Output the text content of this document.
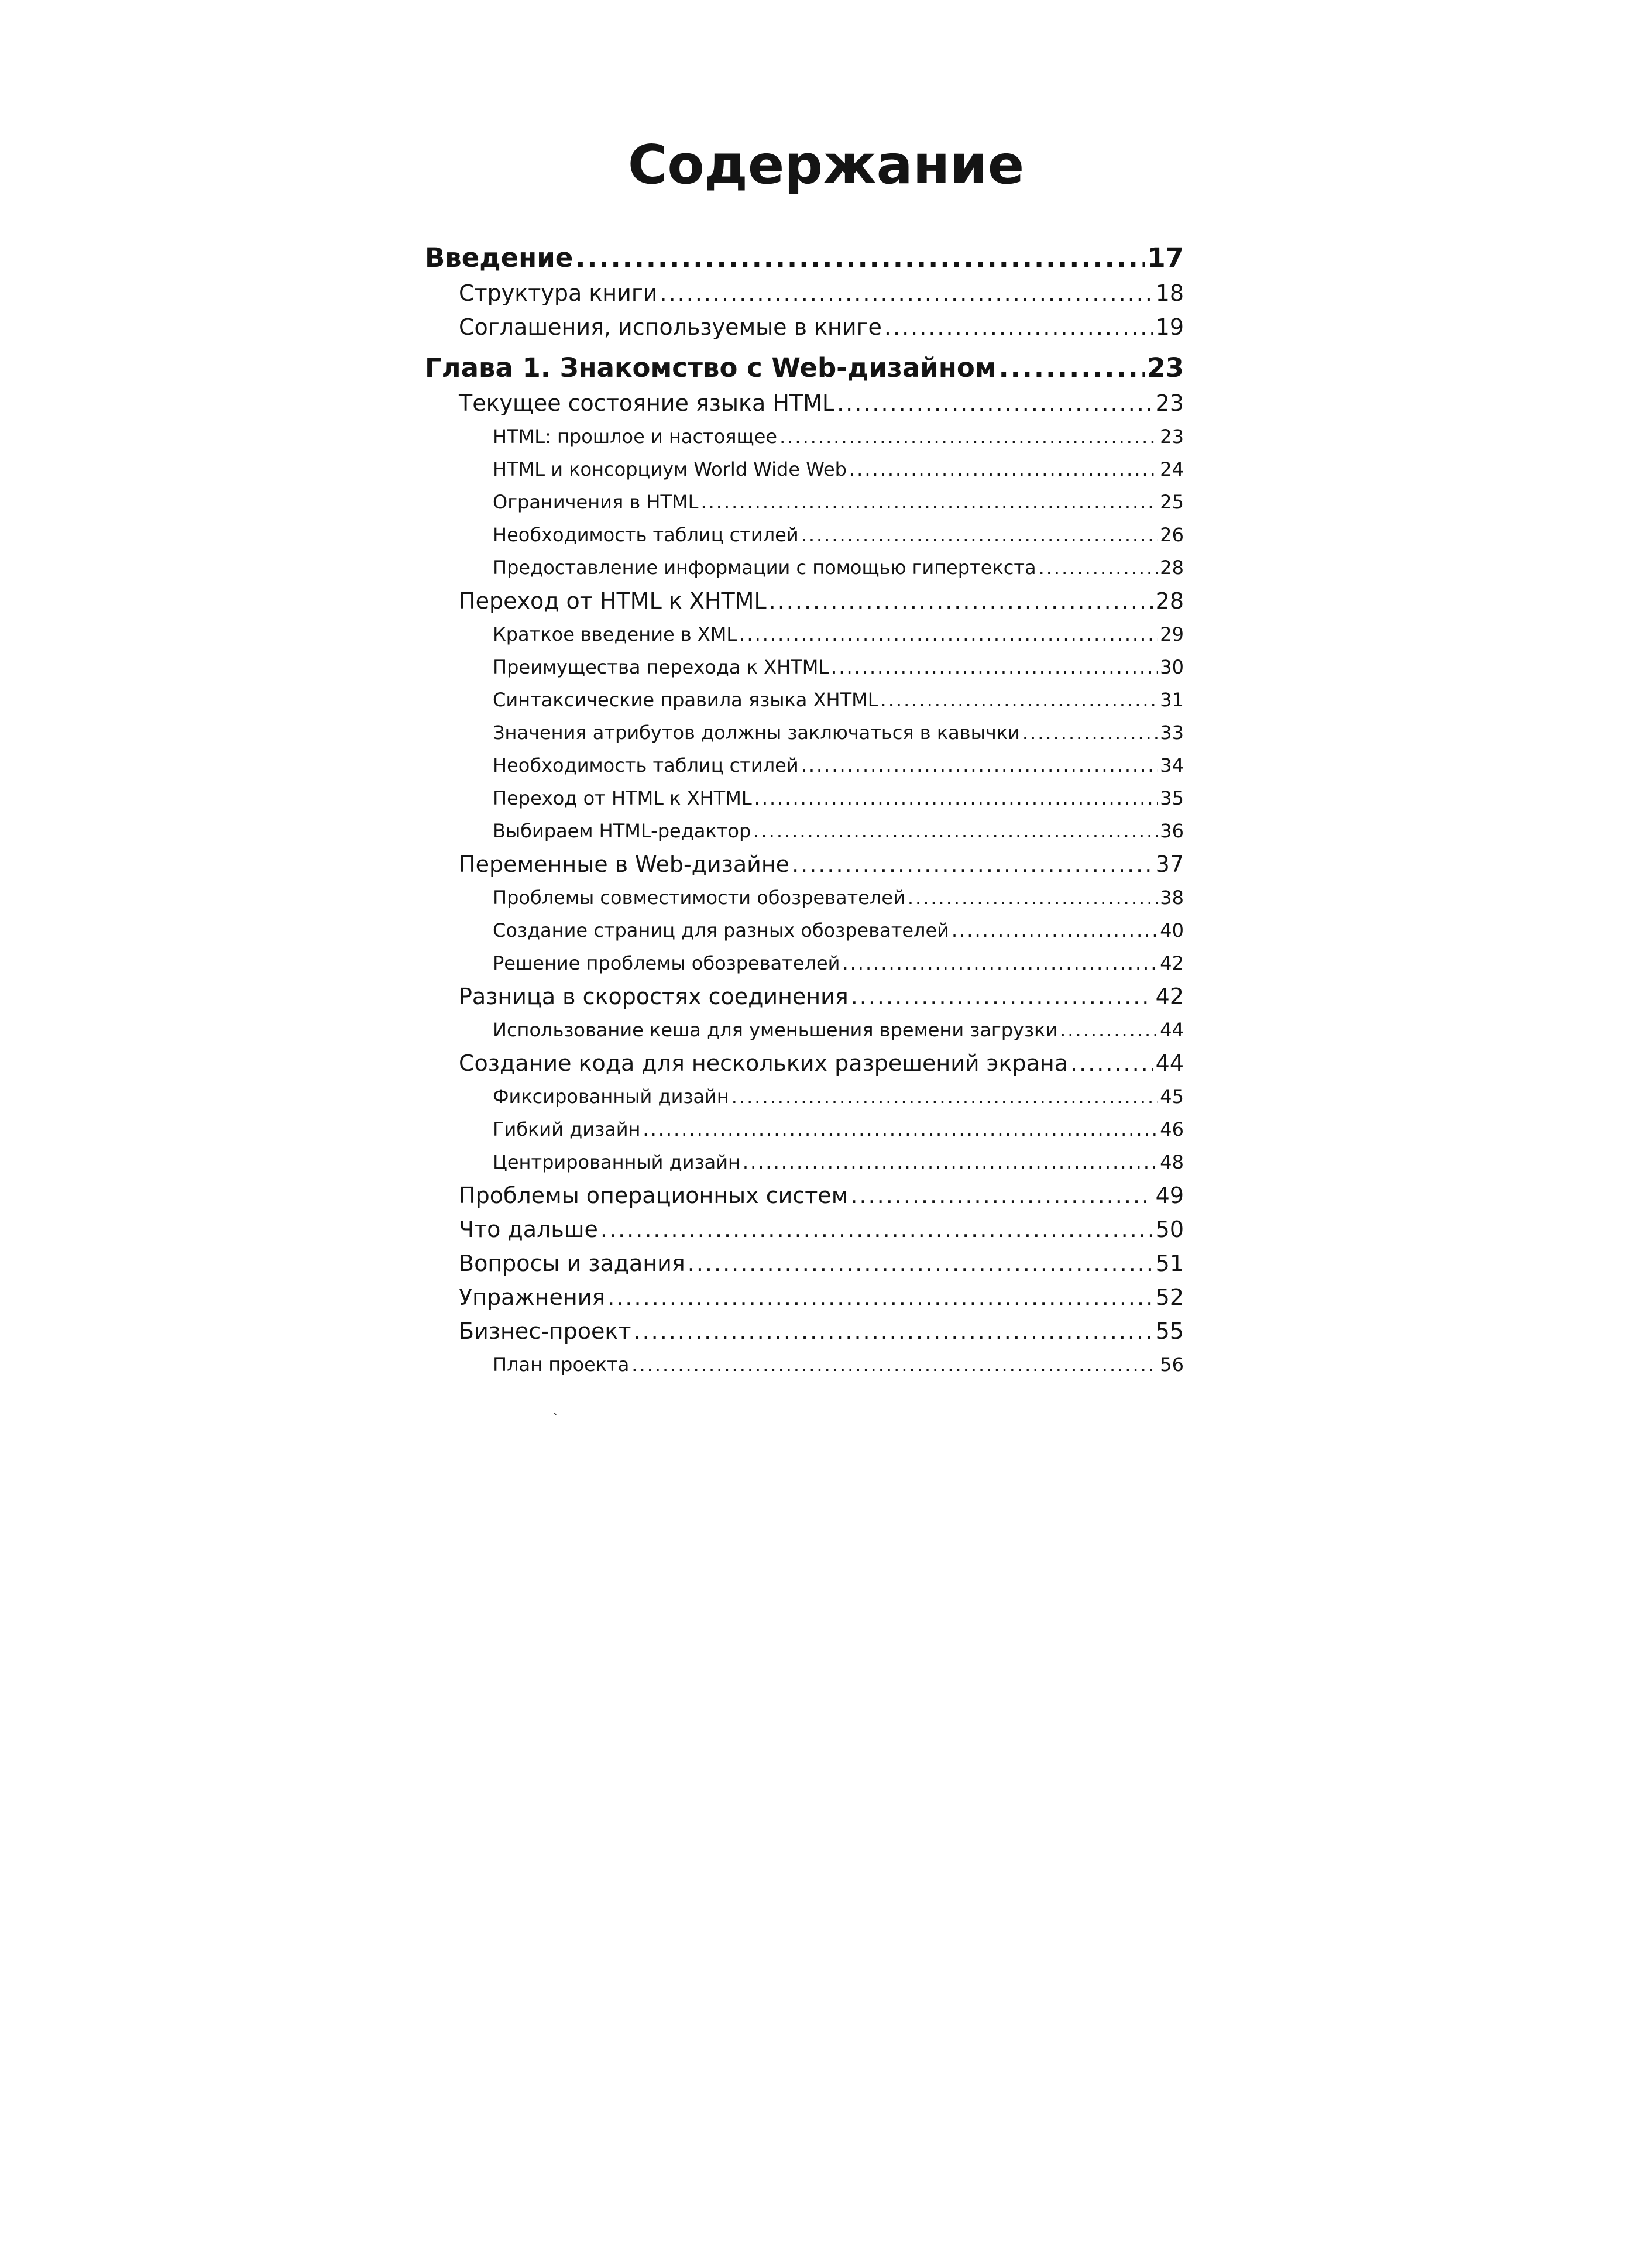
Содержание
Введение .....	17
Структура книги .....	18
Соглашения, используемые в книге .....	19
Глава 1. Знакомство с Web-дизайном .....	23
Текущее состояние языка HTML .....	23
HTML: прошлое и настоящее .....	23
HTML и консорциум World Wide Web .....	24
Ограничения в HTML .....	25
Необходимость таблиц стилей .....	26
Предоставление информации с помощью гипертекста .....	28
Переход от HTML к XHTML .....	28
Краткое введение в XML .....	29
Преимущества перехода к XHTML .....	30
Синтаксические правила языка XHTML .....	31
Значения атрибутов должны заключаться в кавычки .....	33
Необходимость таблиц стилей .....	34
Переход от HTML к XHTML .....	35
Выбираем HTML-редактор .....	36
Переменные в Web-дизайне .....	37
Проблемы совместимости обозревателей .....	38
Создание страниц для разных обозревателей .....	40
Решение проблемы обозревателей .....	42
Разница в скоростях соединения .....	42
Использование кеша для уменьшения времени загрузки .....	44
Создание кода для нескольких разрешений экрана .....	44
Фиксированный дизайн .....	45
Гибкий дизайн .....	46
Центрированный дизайн .....	48
Проблемы операционных систем .....	49
Что дальше .....	50
Вопросы и задания .....	51
Упражнения .....	52
Бизнес-проект .....	55
План проекта .....	56
ˋ
